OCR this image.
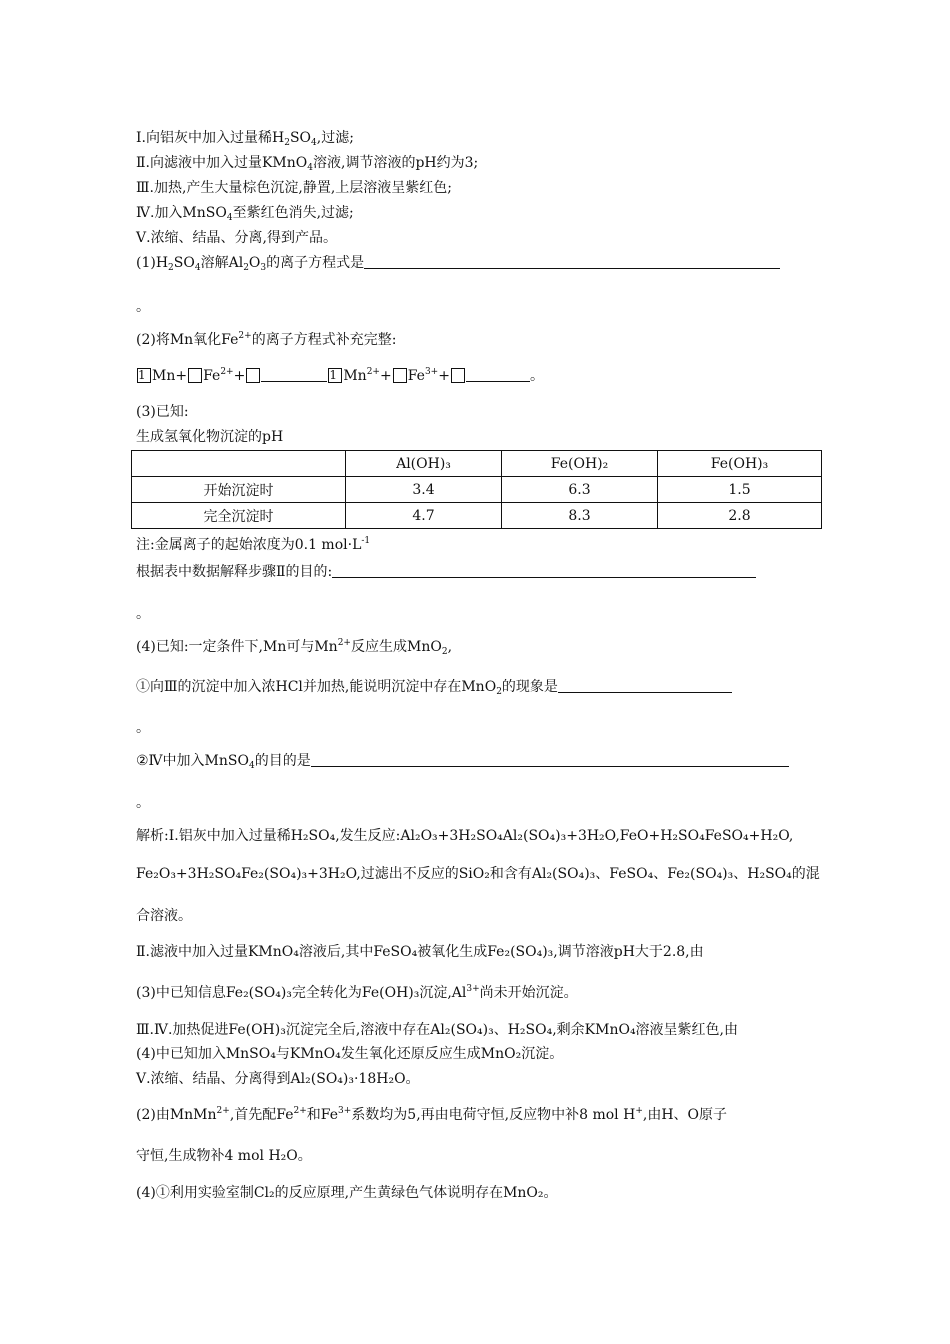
Ⅰ.向铝灰中加入过量稀$H_2SO_4$,过滤;
Ⅱ.向滤液中加入过量KMnO$_4$溶液,调节溶液的pH约为3;
Ⅲ.加热,产生大量棕色沉淀,静置,上层溶液呈紫红色;
Ⅳ.加入MnSO$_4$至紫红色消失,过滤;
Ⅴ.浓缩、结晶、分离,得到产品。
$(1)H_2SO_4$溶解$Al_2O_3$的离子方程式是
。
(2)将Mn氧化$Fe^{2+}$的离子方程式补充完整:
1 $Mn+ Fe^{2+}+$	1 $Mn^{2+}+ Fe^{3+}+$	。
(3)已知:
生成氢氧化物沉淀的pH
	Al(OH)₃	Fe(OH)₂	Fe(OH)₃
开始沉淀时	3.4	6.3	1.5
完全沉淀时	4.7	8.3	2.8
注:金属离子的起始浓度为0.1 $mol\cdot L^{-1}$
根据表中数据解释步骤Ⅱ的目的:
。
(4)已知:一定条件下,Mn可与$Mn^{2+}$反应生成MnO$_2$,
①向Ⅲ的沉淀中加入浓HCl并加热,能说明沉淀中存在MnO$_2$的现象是
。
②Ⅳ中加入MnSO$_4$的目的是
。
解析:Ⅰ.铝灰中加入过量稀H₂SO₄,发生反应:Al₂O₃+3H₂SO₄Al₂(SO₄)₃+3H₂O,FeO+H₂SO₄FeSO₄+H₂O,
Fe₂O₃+3H₂SO₄Fe₂(SO₄)₃+3H₂O,过滤出不反应的SiO₂和含有Al₂(SO₄)₃、FeSO₄、Fe₂(SO₄)₃、H₂SO₄的混
合溶液。
Ⅱ.滤液中加入过量KMnO₄溶液后,其中FeSO₄被氧化生成Fe₂(SO₄)₃,调节溶液pH大于2.8,由
(3)中已知信息Fe₂(SO₄)₃完全转化为Fe(OH)₃沉淀$,Al^{3+}$尚未开始沉淀。
Ⅲ.Ⅳ.加热促进Fe(OH)₃沉淀完全后,溶液中存在Al₂(SO₄)₃、H₂SO₄,剩余KMnO₄溶液呈紫红色,由
(4)中已知加入MnSO₄与KMnO₄发生氧化还原反应生成MnO₂沉淀。
Ⅴ.浓缩、结晶、分离得到Al₂(SO₄)₃·18H₂O。
(2)由MnMn$^{2+}$,首先配$Fe^{2+}$和$Fe^{3+}$系数均为5,再由电荷守恒,反应物中补8 mol H+,由H、O原子
守恒,生成物补4 mol H₂O。
(4)①利用实验室制Cl₂的反应原理,产生黄绿色气体说明存在MnO₂。
